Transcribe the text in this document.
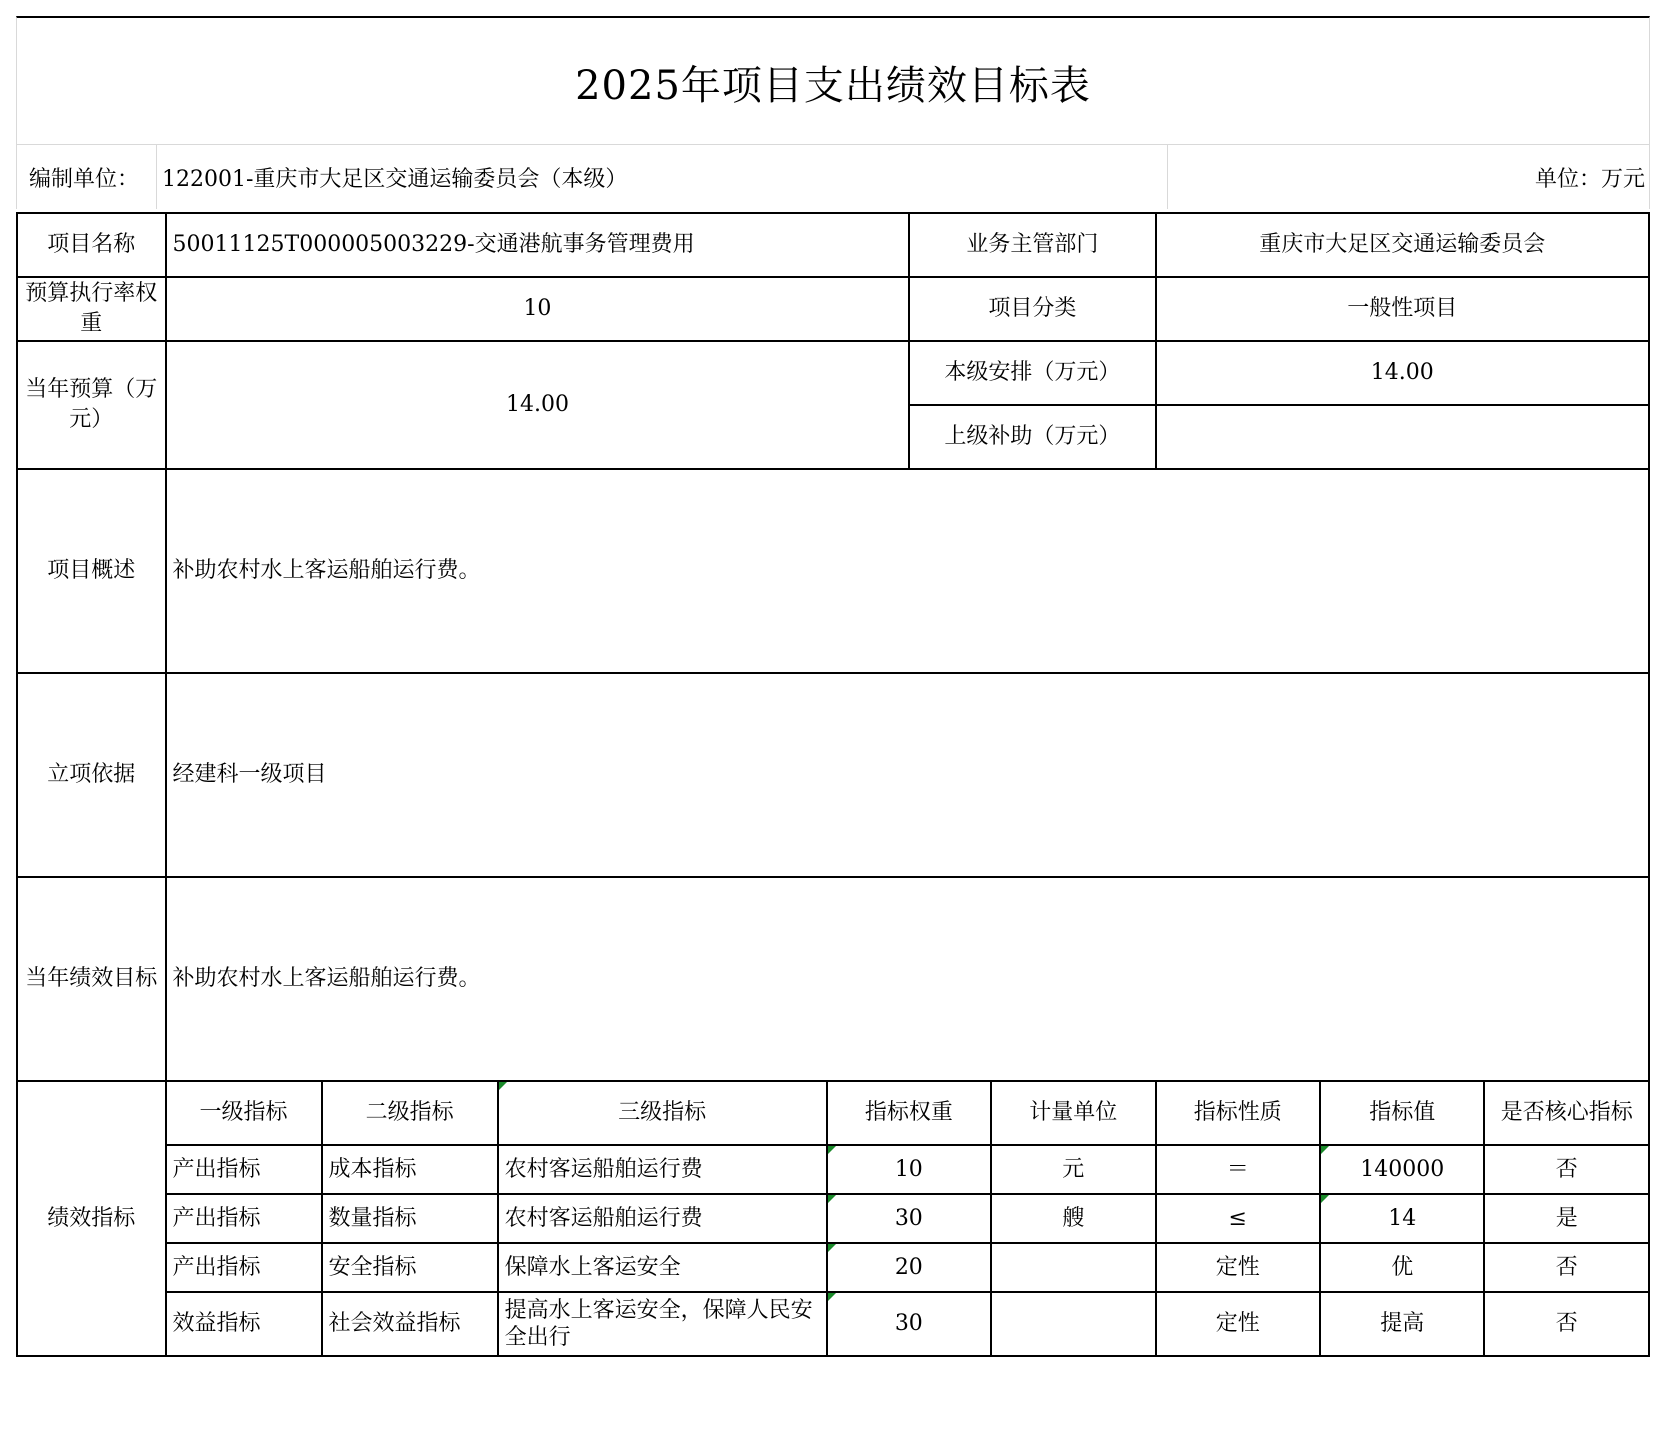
2025年项目支出绩效目标表
编制单位： 122001-重庆市大足区交通运输委员会（本级）	单位：万元
项目名称	50011125T000005003229-交通港航事务管理费用				业务主管部门		重庆市大足区交通运输委员会		
预算执行率权重	10				项目分类		一般性项目		
当年预算（万元）	14.00				本级安排（万元）		14.00		
					上级补助（万元）				
项目概述	补助农村水上客运船舶运行费。								
立项依据	经建科一级项目								
当年绩效目标	补助农村水上客运船舶运行费。								
绩效指标	一级指标	二级指标	三级指标	指标权重		计量单位	指标性质	指标值	是否核心指标
	产出指标	成本指标	农村客运船舶运行费	10		元	＝	140000	否
	产出指标	数量指标	农村客运船舶运行费	30		艘	≤	14	是
	产出指标	安全指标	保障水上客运安全	20			定性	优	否
	效益指标	社会效益指标	提高水上客运安全，保障人民安全出行	30			定性	提高	否
